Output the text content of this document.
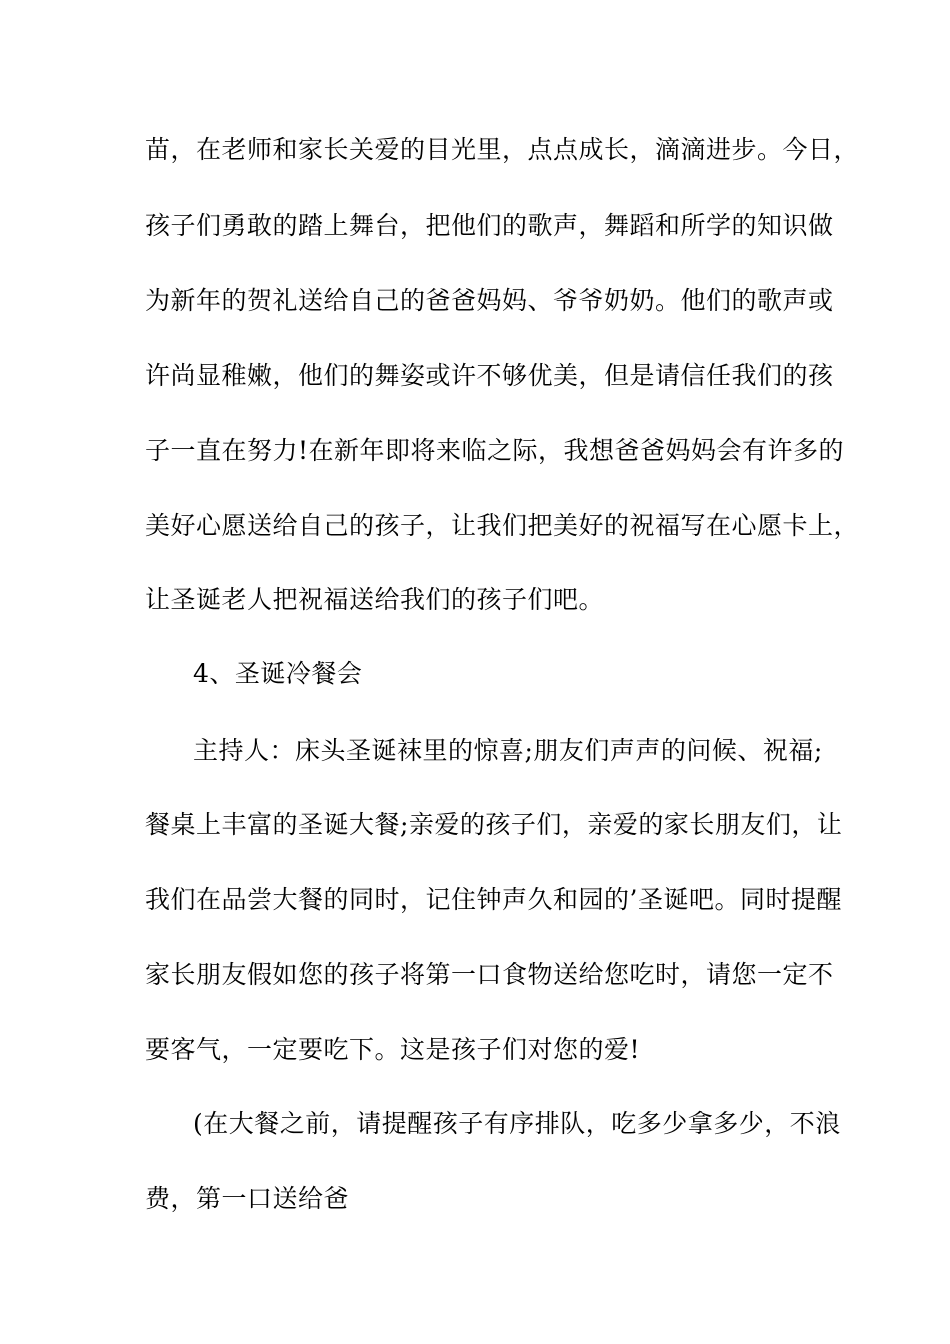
苗，在老师和家长关爱的目光里，点点成长，滴滴进步。今日，
孩子们勇敢的踏上舞台，把他们的歌声，舞蹈和所学的知识做
为新年的贺礼送给自己的爸爸妈妈、爷爷奶奶。他们的歌声或
许尚显稚嫩，他们的舞姿或许不够优美，但是请信任我们的孩
子一直在努力!在新年即将来临之际，我想爸爸妈妈会有许多的
美好心愿送给自己的孩子，让我们把美好的祝福写在心愿卡上，
让圣诞老人把祝福送给我们的孩子们吧。
4、圣诞冷餐会
主持人：床头圣诞袜里的惊喜;朋友们声声的问候、祝福;
餐桌上丰富的圣诞大餐;亲爱的孩子们，亲爱的家长朋友们，让
我们在品尝大餐的同时，记住钟声久和园的’圣诞吧。同时提醒
家长朋友假如您的孩子将第一口食物送给您吃时，请您一定不
要客气，一定要吃下。这是孩子们对您的爱!
(在大餐之前，请提醒孩子有序排队，吃多少拿多少，不浪
费，第一口送给爸
